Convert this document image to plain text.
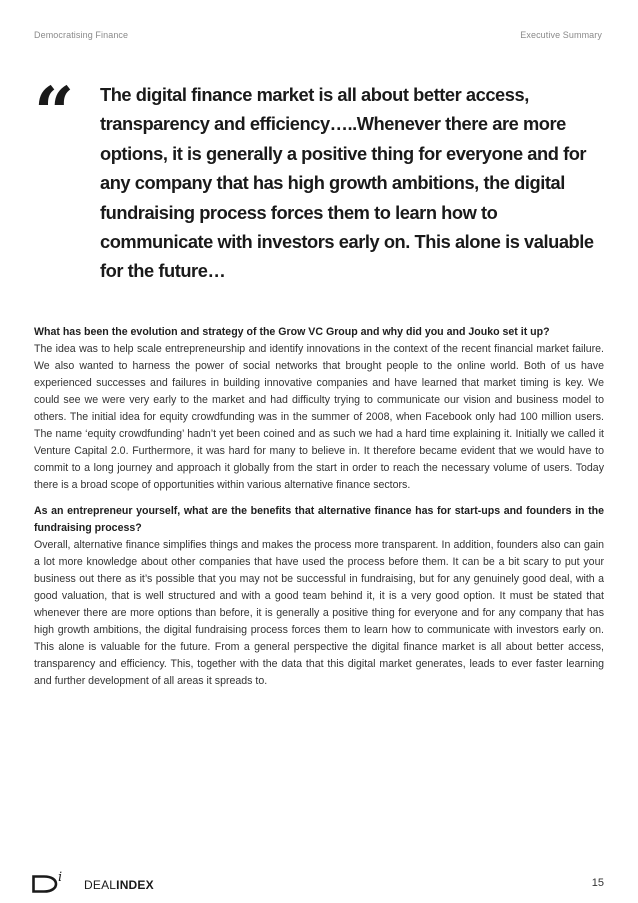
Democratising Finance	Executive Summary
“ The digital finance market is all about better access, transparency and efficiency…..Whenever there are more options, it is generally a positive thing for everyone and for any company that has high growth ambitions, the digital fundraising process forces them to learn how to communicate with investors early on. This alone is valuable for the future…

What has been the evolution and strategy of the Grow VC Group and why did you and Jouko set it up?

The idea was to help scale entrepreneurship and identify innovations in the context of the recent financial market failure. We also wanted to harness the power of social networks that brought people to the online world. Both of us have experienced successes and failures in building innovative companies and have learned that market timing is key. We could see we were very early to the market and had difficulty trying to communicate our vision and business model to others. The initial idea for equity crowdfunding was in the summer of 2008, when Facebook only had 100 million users. The name ‘equity crowdfunding’ hadn’t yet been coined and as such we had a hard time explaining it. Initially we called it Venture Capital 2.0. Furthermore, it was hard for many to believe in. It therefore became evident that we would have to commit to a long journey and approach it globally from the start in order to reach the necessary volume of users. Today there is a broad scope of opportunities within various alternative finance sectors.

As an entrepreneur yourself, what are the benefits that alternative finance has for start-ups and founders in the fundraising process?

Overall, alternative finance simplifies things and makes the process more transparent. In addition, founders also can gain a lot more knowledge about other companies that have used the process before them. It can be a bit scary to put your business out there as it’s possible that you may not be successful in fundraising, but for any genuinely good deal, with a good valuation, that is well structured and with a good team behind it, it is a very good option. It must be stated that whenever there are more options than before, it is generally a positive thing for everyone and for any company that has high growth ambitions, the digital fundraising process forces them to learn how to communicate with investors early on. This alone is valuable for the future. From a general perspective the digital finance market is all about better access, transparency and efficiency. This, together with the data that this digital market generates, leads to ever faster learning and further development of all areas it spreads to.

i DEALINDEX	15
